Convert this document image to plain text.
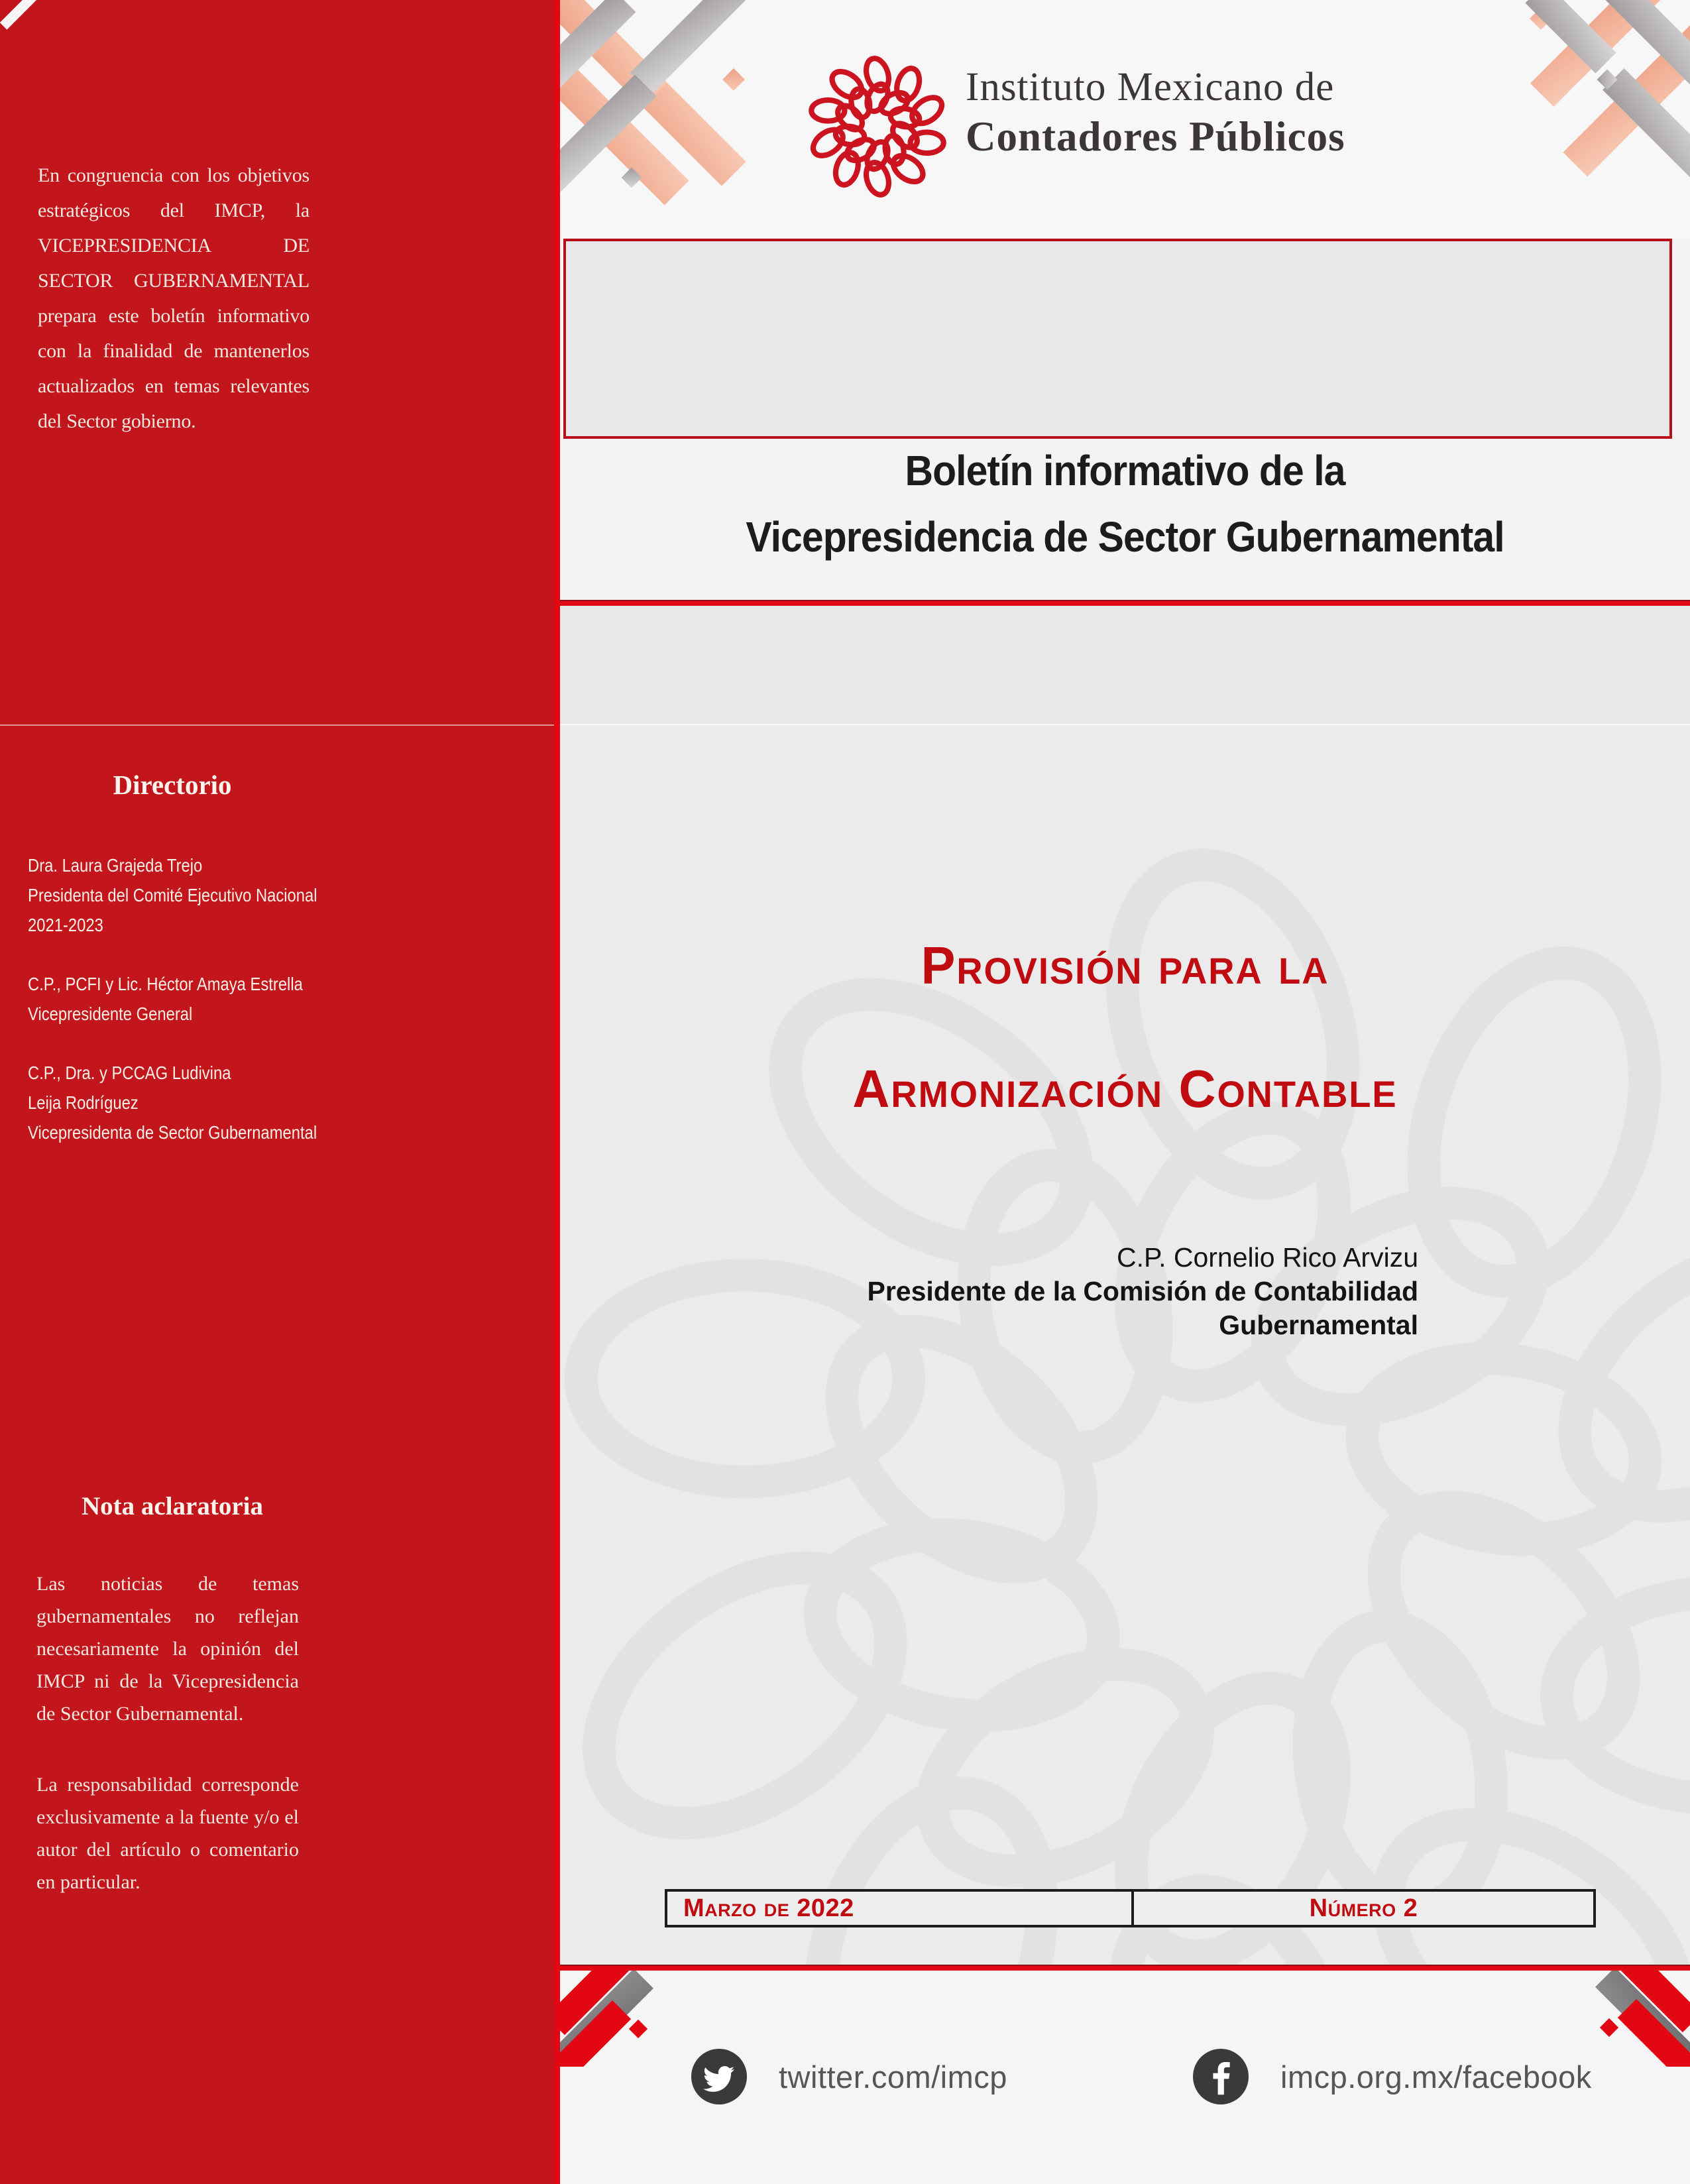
En congruencia con los objetivos estratégicos del IMCP, la VICEPRESIDENCIA DE SECTOR GUBERNAMENTAL prepara este boletín informativo con la finalidad de mantenerlos actualizados en temas relevantes del Sector gobierno.
Directorio
Dra. Laura Grajeda Trejo
Presidenta del Comité Ejecutivo Nacional
2021-2023
C.P., PCFI y Lic. Héctor Amaya Estrella
Vicepresidente General
C.P., Dra. y PCCAG Ludivina
Leija Rodríguez
Vicepresidenta de Sector Gubernamental
Nota aclaratoria

Las noticias de temas gubernamentales no reflejan necesariamente la opinión del IMCP ni de la Vicepresidencia de Sector Gubernamental.

La responsabilidad corresponde exclusivamente a la fuente y/o el autor del artículo o comentario en particular.

Instituto Mexicano de
Contadores Públicos
Boletín informativo de la
Vicepresidencia de Sector Gubernamental
Provisión para la
Armonización Contable
C.P. Cornelio Rico Arvizu
Presidente de la Comisión de Contabilidad
Gubernamental
Marzo de 2022	Número 2
twitter.com/imcp	imcp.org.mx/facebook
